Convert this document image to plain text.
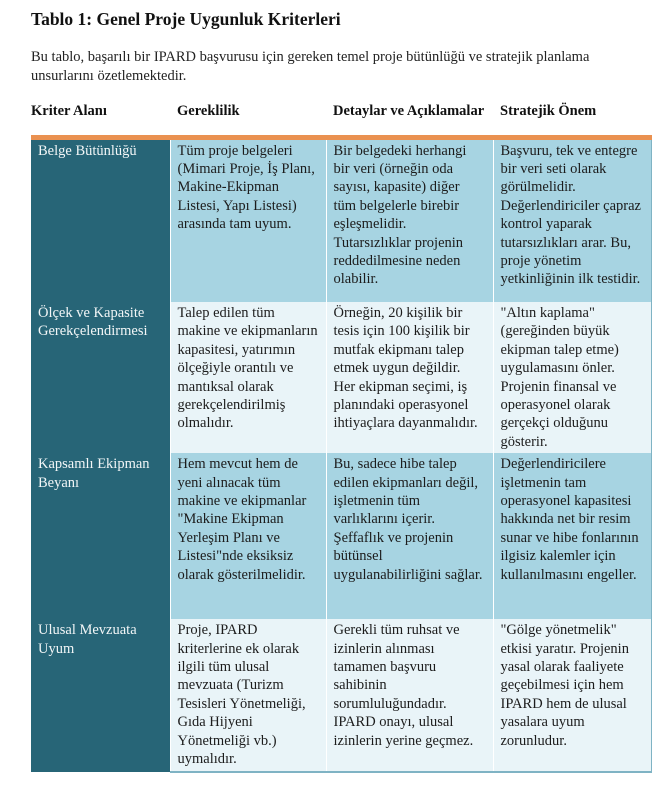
Tablo 1: Genel Proje Uygunluk Kriterleri

Bu tablo, başarılı bir IPARD başvurusu için gereken temel proje bütünlüğü ve stratejik planlama unsurlarını özetlemektedir.

Kriter Alanı	Gereklilik	Detaylar ve Açıklamalar	Stratejik Önem
Belge Bütünlüğü	Tüm proje belgeleri (Mimari Proje, İş Planı, Makine-Ekipman Listesi, Yapı Listesi) arasında tam uyum.	Bir belgedeki herhangi bir veri (örneğin oda sayısı, kapasite) diğer tüm belgelerle birebir eşleşmelidir. Tutarsızlıklar projenin reddedilmesine neden olabilir.	Başvuru, tek ve entegre bir veri seti olarak görülmelidir. Değerlendiriciler çapraz kontrol yaparak tutarsızlıkları arar. Bu, proje yönetim yetkinliğinin ilk testidir.
Ölçek ve Kapasite Gerekçelendirmesi	Talep edilen tüm makine ve ekipmanların kapasitesi, yatırımın ölçeğiyle orantılı ve mantıksal olarak gerekçelendirilmiş olmalıdır.	Örneğin, 20 kişilik bir tesis için 100 kişilik bir mutfak ekipmanı talep etmek uygun değildir. Her ekipman seçimi, iş planındaki operasyonel ihtiyaçlara dayanmalıdır.	"Altın kaplama" (gereğinden büyük ekipman talep etme) uygulamasını önler. Projenin finansal ve operasyonel olarak gerçekçi olduğunu gösterir.
Kapsamlı Ekipman Beyanı	Hem mevcut hem de yeni alınacak tüm makine ve ekipmanlar "Makine Ekipman Yerleşim Planı ve Listesi"nde eksiksiz olarak gösterilmelidir.	Bu, sadece hibe talep edilen ekipmanları değil, işletmenin tüm varlıklarını içerir. Şeffaflık ve projenin bütünsel uygulanabilirliğini sağlar.	Değerlendiricilere işletmenin tam operasyonel kapasitesi hakkında net bir resim sunar ve hibe fonlarının ilgisiz kalemler için kullanılmasını engeller.
Ulusal Mevzuata Uyum	Proje, IPARD kriterlerine ek olarak ilgili tüm ulusal mevzuata (Turizm Tesisleri Yönetmeliği, Gıda Hijyeni Yönetmeliği vb.) uymalıdır.	Gerekli tüm ruhsat ve izinlerin alınması tamamen başvuru sahibinin sorumluluğundadır. IPARD onayı, ulusal izinlerin yerine geçmez.	"Gölge yönetmelik" etkisi yaratır. Projenin yasal olarak faaliyete geçebilmesi için hem IPARD hem de ulusal yasalara uyum zorunludur.
